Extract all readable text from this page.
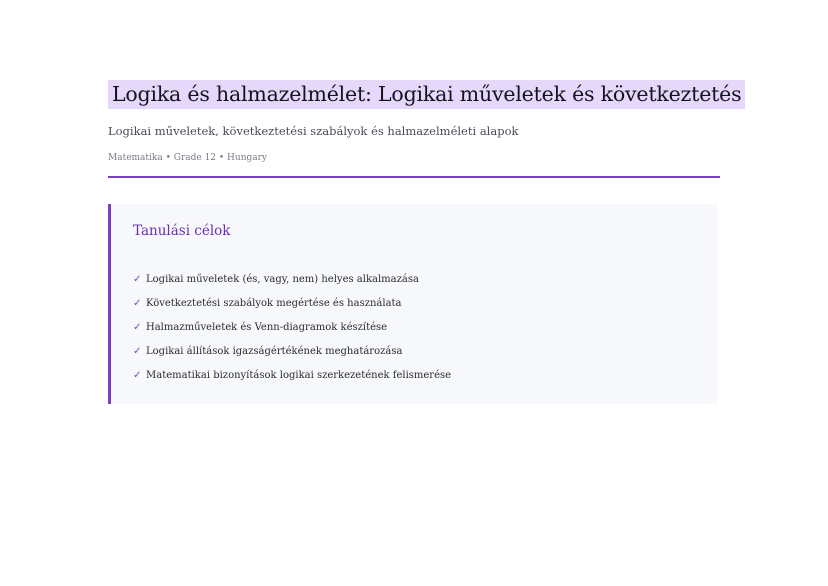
Logika és halmazelmélet: Logikai műveletek és következtetés
Logikai műveletek, következtetési szabályok és halmazelméleti alapok
Matematika • Grade 12 • Hungary
Tanulási célok
✓ Logikai műveletek (és, vagy, nem) helyes alkalmazása
✓ Következtetési szabályok megértése és használata
✓ Halmazműveletek és Venn-diagramok készítése
✓ Logikai állítások igazságértékének meghatározása
✓ Matematikai bizonyítások logikai szerkezetének felismerése
